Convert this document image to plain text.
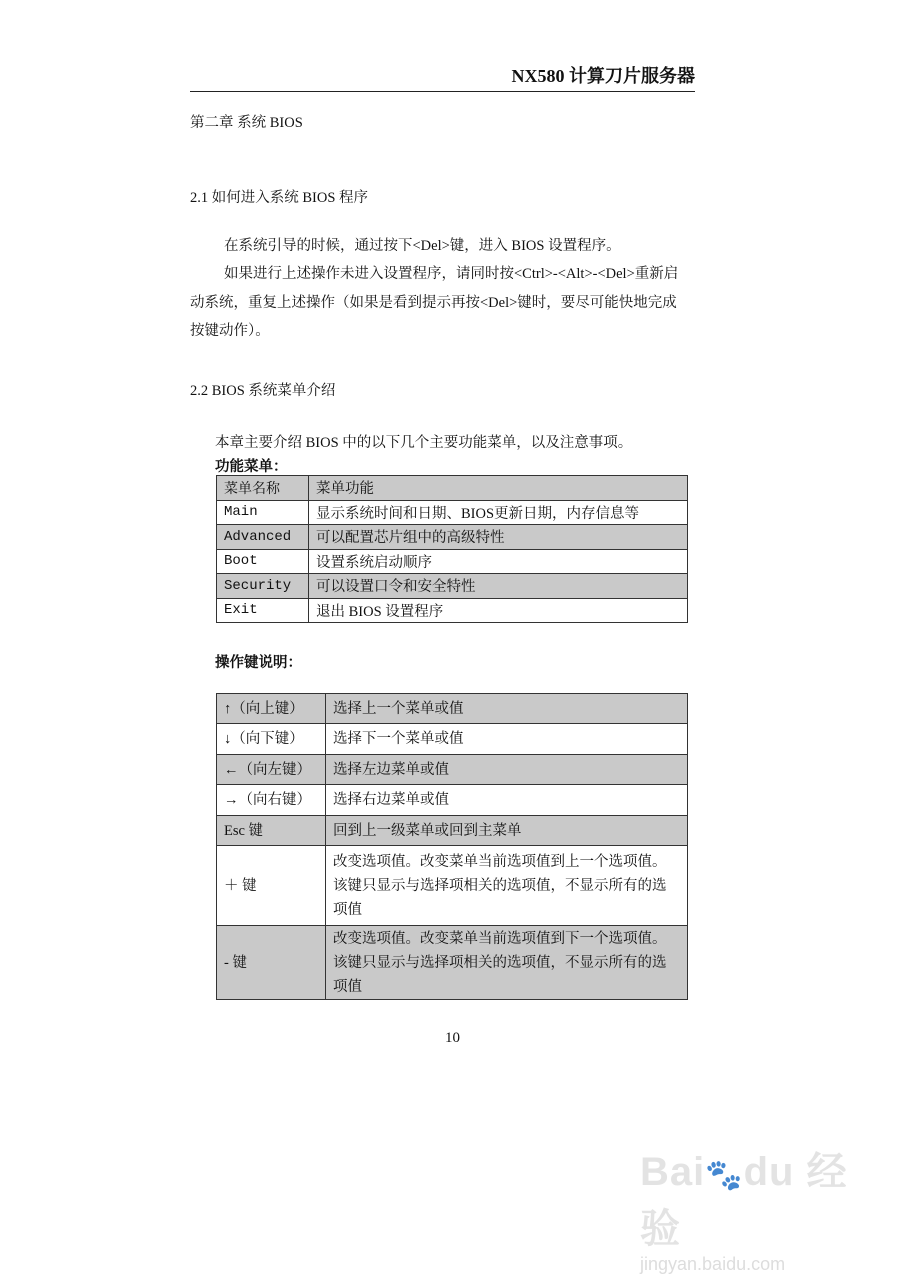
NX580 计算刀片服务器
第二章 系统 BIOS
2.1 如何进入系统 BIOS 程序
在系统引导的时候，通过按下<Del>键，进入 BIOS 设置程序。
如果进行上述操作未进入设置程序，请同时按<Ctrl>-<Alt>-<Del>重新启动系统，重复上述操作（如果是看到提示再按<Del>键时，要尽可能快地完成按键动作）。
2.2 BIOS 系统菜单介绍
本章主要介绍 BIOS 中的以下几个主要功能菜单，以及注意事项。
功能菜单：
菜单名称	菜单功能
Main	显示系统时间和日期、BIOS更新日期，内存信息等
Advanced	可以配置芯片组中的高级特性
Boot	设置系统启动顺序
Security	可以设置口令和安全特性
Exit	退出 BIOS 设置程序
操作键说明：
↑（向上键）	选择上一个菜单或值
↓（向下键）	选择下一个菜单或值
←（向左键）	选择左边菜单或值
→（向右键）	选择右边菜单或值
Esc 键	回到上一级菜单或回到主菜单
＋ 键	改变选项值。改变菜单当前选项值到上一个选项值。该键只显示与选择项相关的选项值，不显示所有的选项值
- 键	改变选项值。改变菜单当前选项值到下一个选项值。该键只显示与选择项相关的选项值，不显示所有的选项值
10
Bai🐾du 经验
jingyan.baidu.com
